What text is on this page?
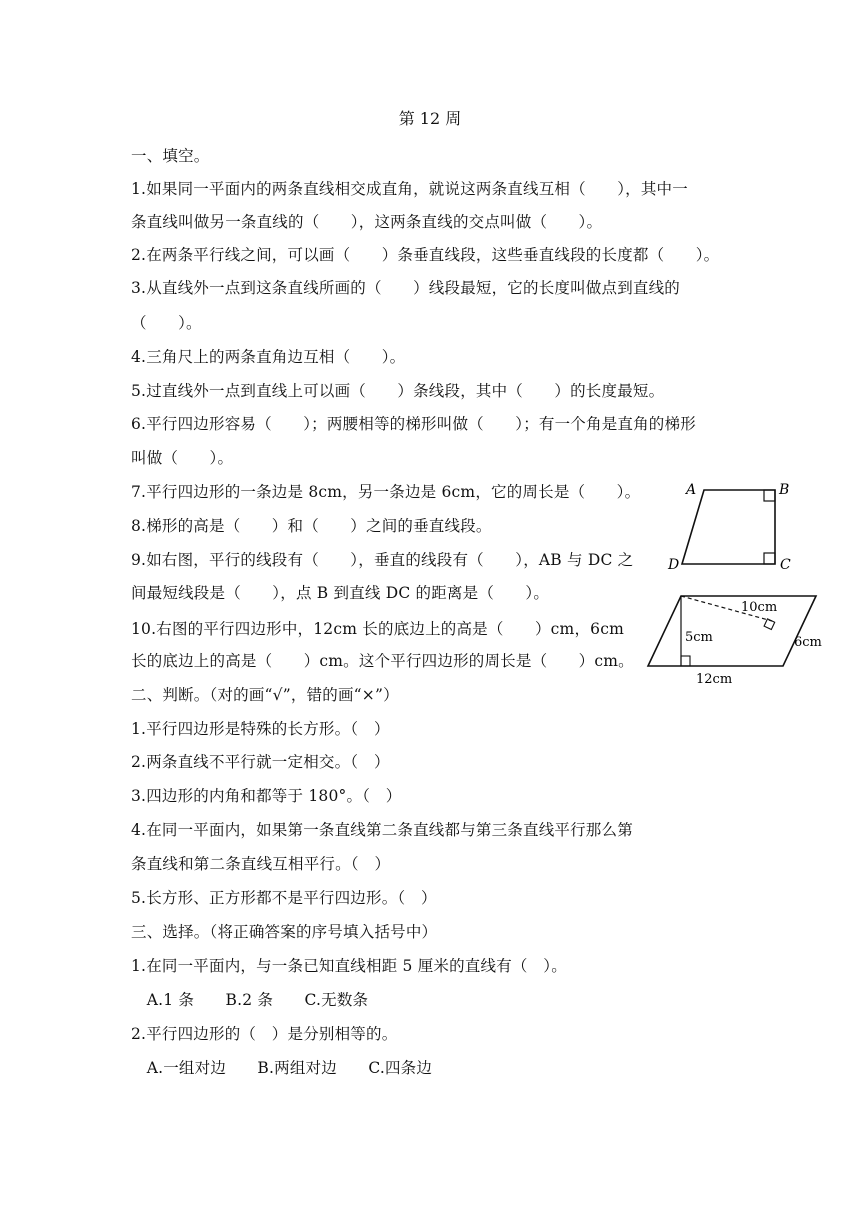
第 12 周
一、填空。
1.如果同一平面内的两条直线相交成直角，就说这两条直线互相（　　），其中一
条直线叫做另一条直线的（　　），这两条直线的交点叫做（　　）。
2.在两条平行线之间，可以画（　　）条垂直线段，这些垂直线段的长度都（　　）。
3.从直线外一点到这条直线所画的（　　）线段最短，它的长度叫做点到直线的
（　　）。
4.三角尺上的两条直角边互相（　　）。
5.过直线外一点到直线上可以画（　　）条线段，其中（　　）的长度最短。
6.平行四边形容易（　　）；两腰相等的梯形叫做（　　）；有一个角是直角的梯形
叫做（　　）。
7.平行四边形的一条边是 8cm，另一条边是 6cm，它的周长是（　　）。
8.梯形的高是（　　）和（　　）之间的垂直线段。
9.如右图，平行的线段有（　　），垂直的线段有（　　），AB 与 DC 之
间最短线段是（　　），点 B 到直线 DC 的距离是（　　）。
10.右图的平行四边形中，12cm 长的底边上的高是（　　）cm，6cm
长的底边上的高是（　　）cm。这个平行四边形的周长是（　　）cm。
二、判断。（对的画“√”，错的画“×”）
1.平行四边形是特殊的长方形。（　）
2.两条直线不平行就一定相交。（　）
3.四边形的内角和都等于 180°。（　）
4.在同一平面内，如果第一条直线第二条直线都与第三条直线平行那么第
条直线和第二条直线互相平行。（　）
5.长方形、正方形都不是平行四边形。（　）
三、选择。（将正确答案的序号填入括号中）
1.在同一平面内，与一条已知直线相距 5 厘米的直线有（　）。
　A.1 条　　B.2 条　　C.无数条
2.平行四边形的（　）是分别相等的。
　A.一组对边　　B.两组对边　　C.四条边
A	B
C
D
10cm
5cm	6cm
12cm
